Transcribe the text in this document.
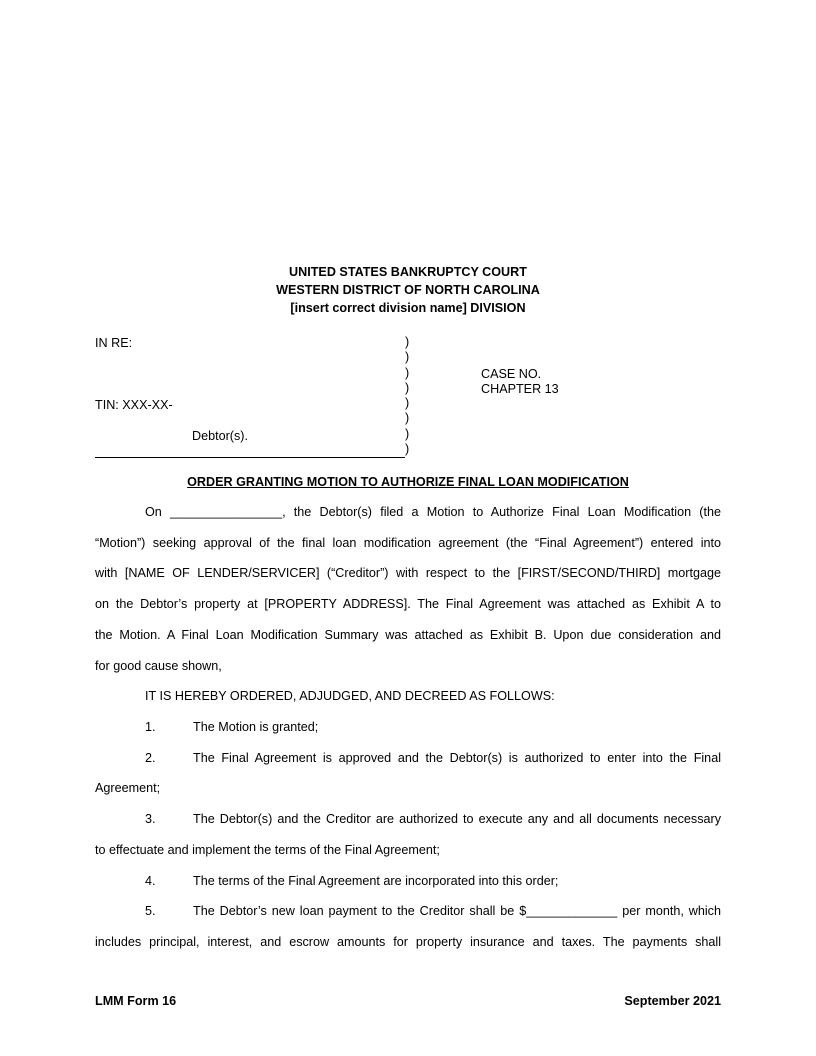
UNITED STATES BANKRUPTCY COURT
WESTERN DISTRICT OF NORTH CAROLINA
[insert correct division name] DIVISION
IN RE:
TIN: XXX-XX-
Debtor(s).
CASE NO.
CHAPTER 13
)
)
)
)
)
)
)
)
ORDER GRANTING MOTION TO AUTHORIZE FINAL LOAN MODIFICATION
On ________________, the Debtor(s) filed a Motion to Authorize Final Loan Modification (the
“Motion”) seeking approval of the final loan modification agreement (the “Final Agreement”) entered into
with [NAME OF LENDER/SERVICER] (“Creditor”) with respect to the [FIRST/SECOND/THIRD] mortgage
on the Debtor’s property at [PROPERTY ADDRESS]. The Final Agreement was attached as Exhibit A to
the Motion. A Final Loan Modification Summary was attached as Exhibit B. Upon due consideration and
for good cause shown,
IT IS HEREBY ORDERED, ADJUDGED, AND DECREED AS FOLLOWS:
1.	The Motion is granted;
2.	The Final Agreement is approved and the Debtor(s) is authorized to enter into the Final
Agreement;
3.	The Debtor(s) and the Creditor are authorized to execute any and all documents necessary
to effectuate and implement the terms of the Final Agreement;
4.	The terms of the Final Agreement are incorporated into this order;
5.	The Debtor’s new loan payment to the Creditor shall be $_____________ per month, which
includes principal, interest, and escrow amounts for property insurance and taxes. The payments shall
LMM Form 16	September 2021
